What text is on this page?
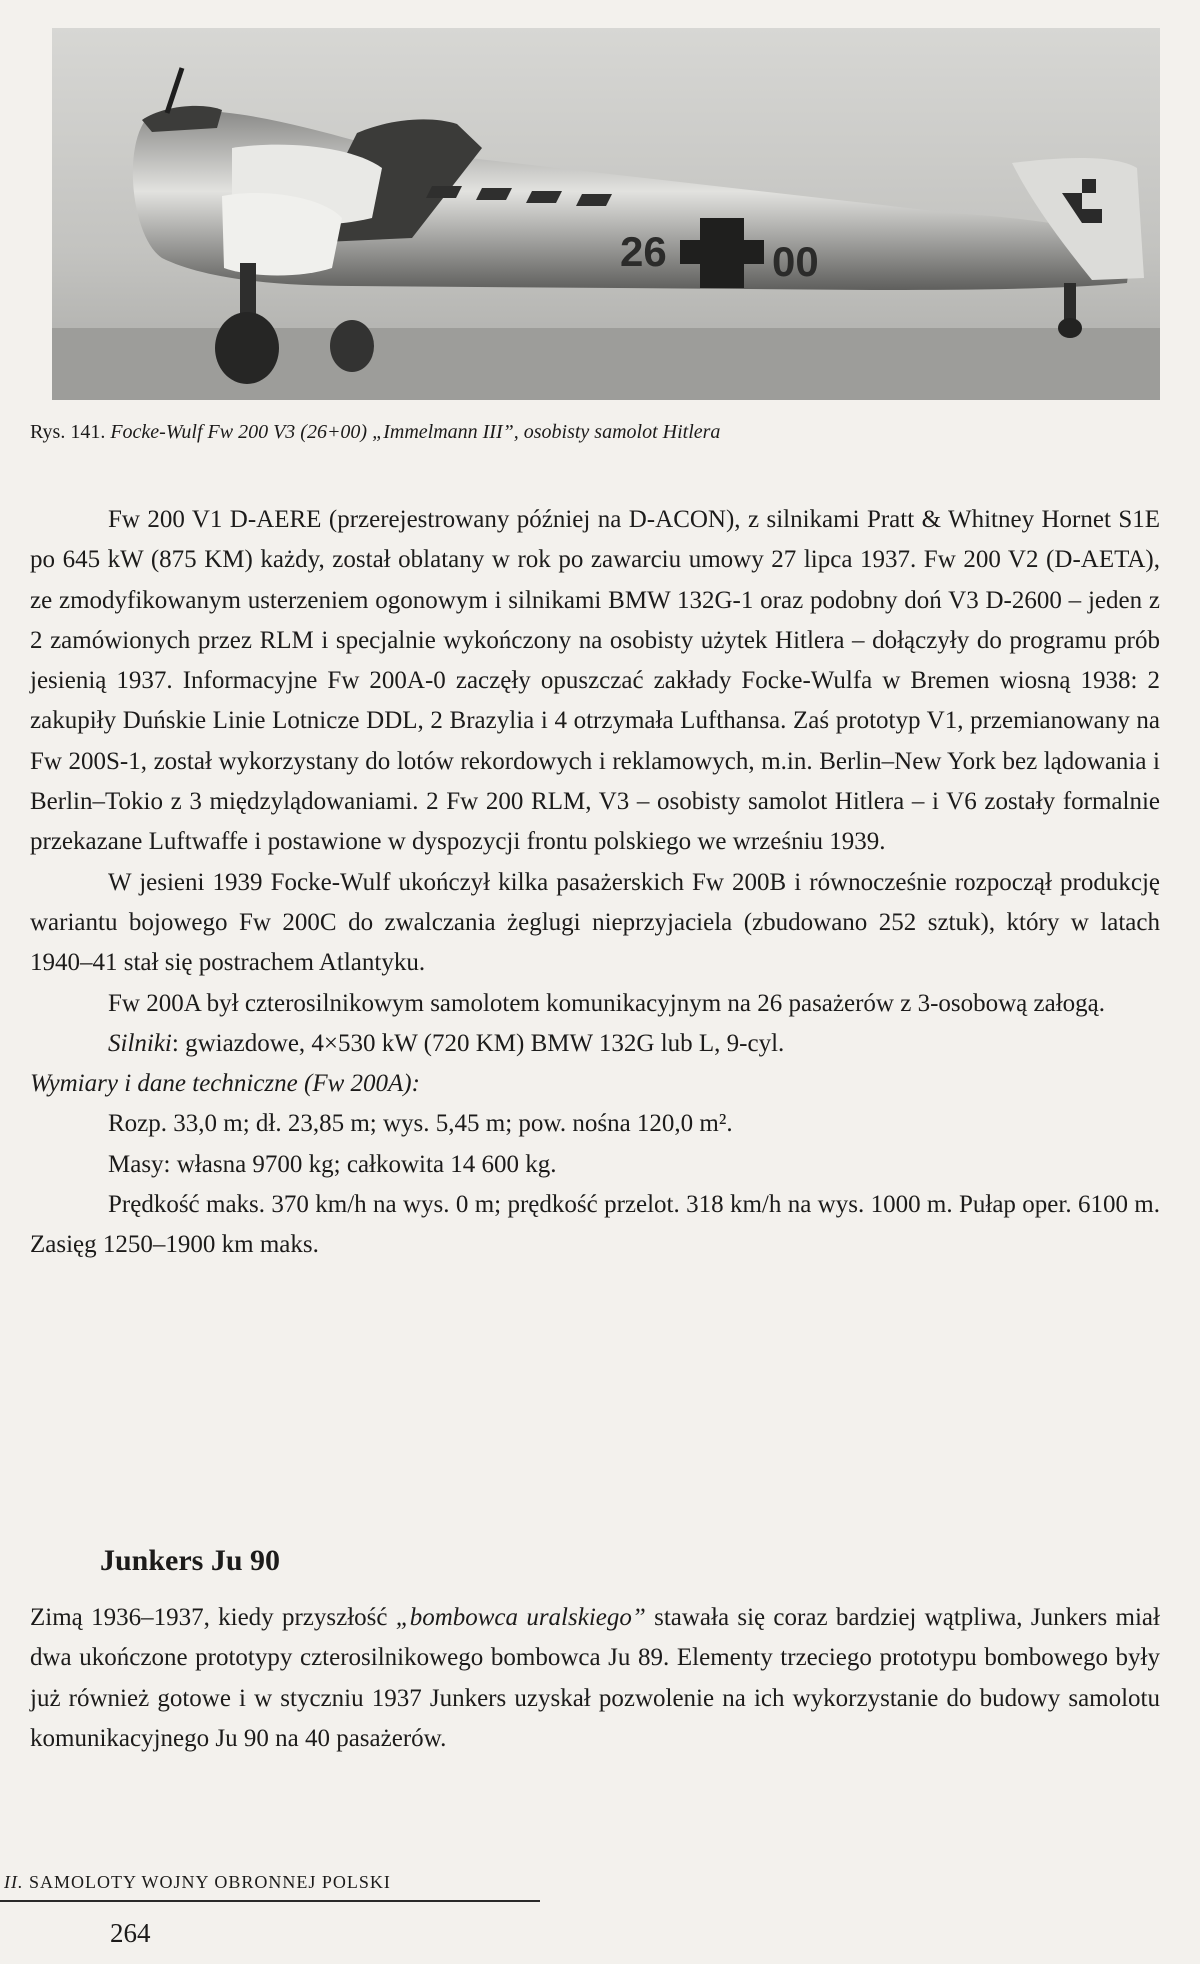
26	00
Rys. 141. Focke-Wulf Fw 200 V3 (26+00) „Immelmann III”, osobisty samolot Hitlera

Fw 200 V1 D-AERE (przerejestrowany później na D-ACON), z silnikami Pratt & Whitney Hornet S1E po 645 kW (875 KM) każdy, został oblatany w rok po zawarciu umowy 27 lipca 1937. Fw 200 V2 (D-AETA), ze zmodyfikowanym usterzeniem ogonowym i silnikami BMW 132G-1 oraz podobny doń V3 D-2600 – jeden z 2 zamówionych przez RLM i specjalnie wykończony na osobisty użytek Hitlera – dołączyły do programu prób jesienią 1937. Informacyjne Fw 200A-0 zaczęły opuszczać zakłady Focke-Wulfa w Bremen wiosną 1938: 2 zakupiły Duńskie Linie Lotnicze DDL, 2 Brazylia i 4 otrzymała Lufthansa. Zaś prototyp V1, przemianowany na Fw 200S-1, został wykorzystany do lotów rekordowych i reklamowych, m.in. Berlin–New York bez lądowania i Berlin–Tokio z 3 międzylądowaniami. 2 Fw 200 RLM, V3 – osobisty samolot Hitlera – i V6 zostały formalnie przekazane Luftwaffe i postawione w dyspozycji frontu polskiego we wrześniu 1939.

W jesieni 1939 Focke-Wulf ukończył kilka pasażerskich Fw 200B i równocześnie rozpoczął produkcję wariantu bojowego Fw 200C do zwalczania żeglugi nieprzyjaciela (zbudowano 252 sztuk), który w latach 1940–41 stał się postrachem Atlantyku.

Fw 200A był czterosilnikowym samolotem komunikacyjnym na 26 pasażerów z 3-osobową załogą.

Silniki: gwiazdowe, 4×530 kW (720 KM) BMW 132G lub L, 9-cyl.

Wymiary i dane techniczne (Fw 200A):

Rozp. 33,0 m; dł. 23,85 m; wys. 5,45 m; pow. nośna 120,0 m².

Masy: własna 9700 kg; całkowita 14 600 kg.

Prędkość maks. 370 km/h na wys. 0 m; prędkość przelot. 318 km/h na wys. 1000 m. Pułap oper. 6100 m. Zasięg 1250–1900 km maks.

Junkers Ju 90

Zimą 1936–1937, kiedy przyszłość „bombowca uralskiego” stawała się coraz bardziej wątpliwa, Junkers miał dwa ukończone prototypy czterosilnikowego bombowca Ju 89. Elementy trzeciego prototypu bombowego były już również gotowe i w styczniu 1937 Junkers uzyskał pozwolenie na ich wykorzystanie do budowy samolotu komunikacyjnego Ju 90 na 40 pasażerów.

II. SAMOLOTY WOJNY OBRONNEJ POLSKI
264
